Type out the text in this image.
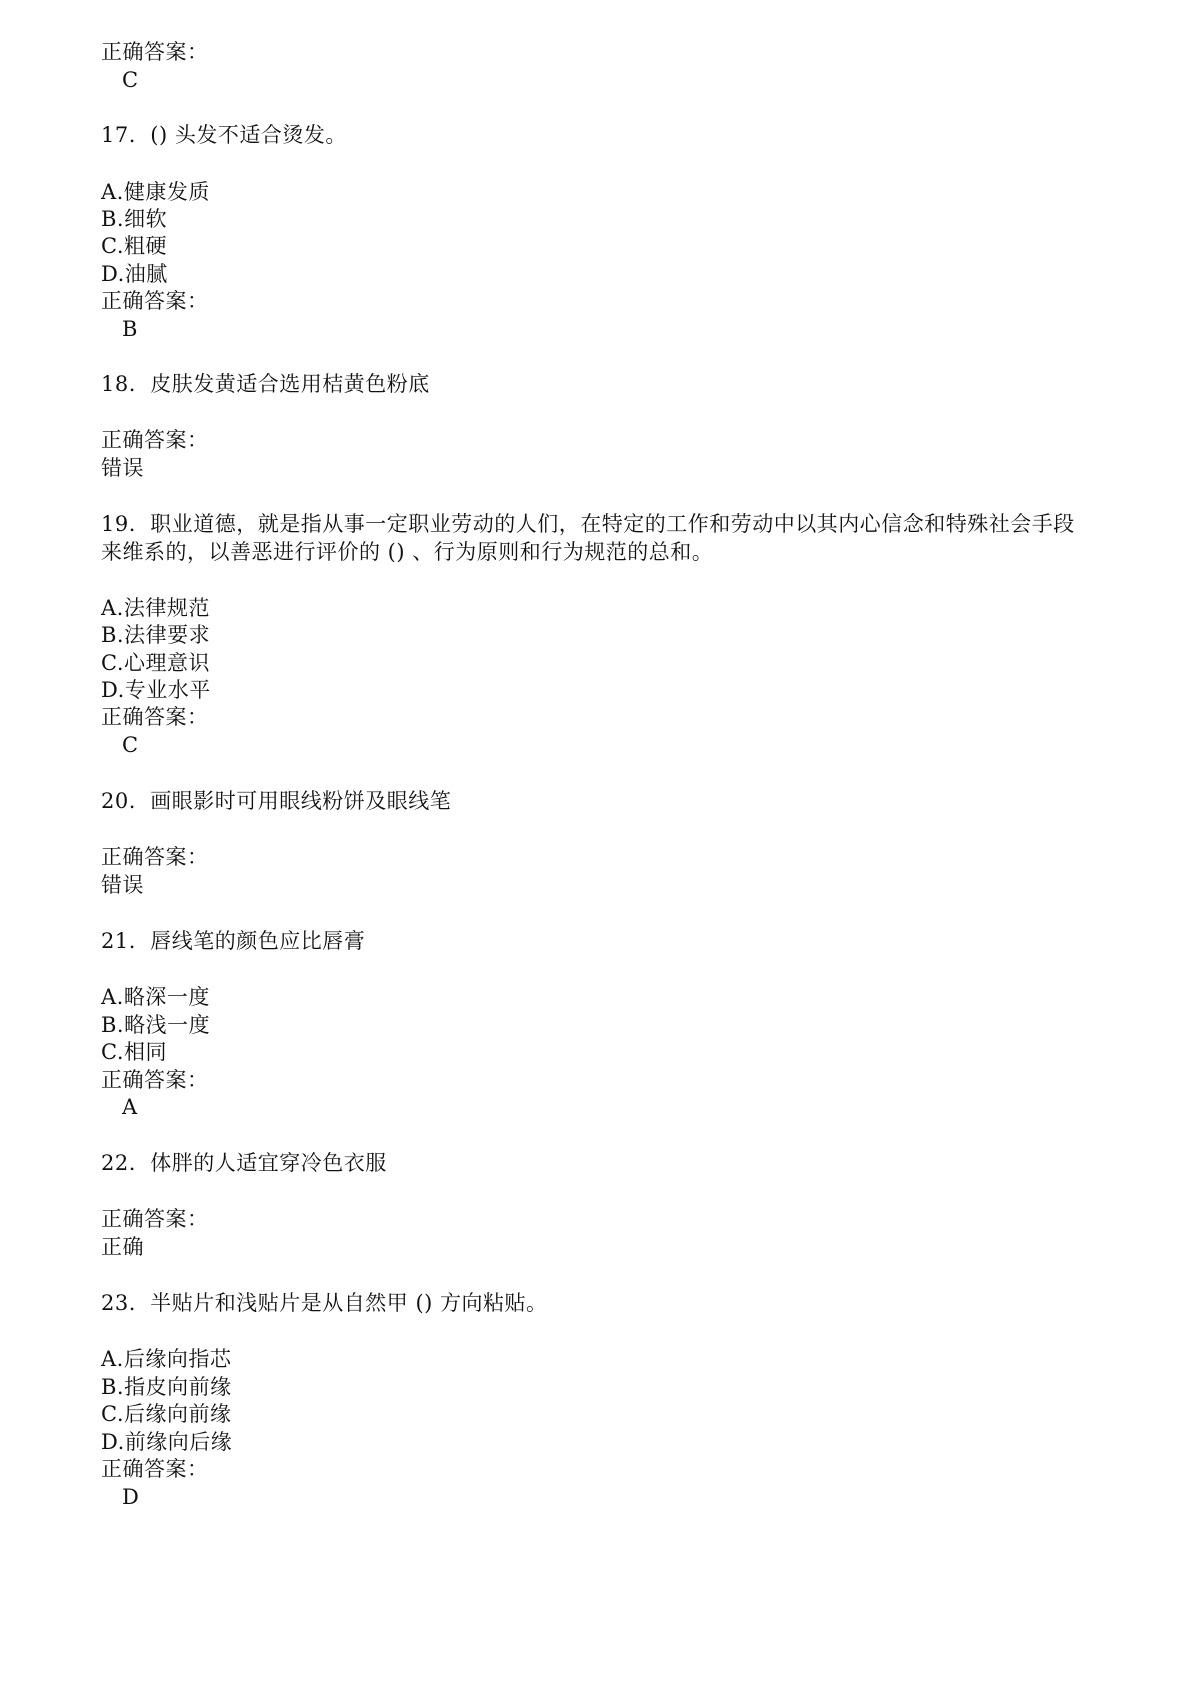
正确答案：
C
17. () 头发不适合烫发。
A.健康发质
B.细软
C.粗硬
D.油腻
正确答案：
B
18. 皮肤发黄适合选用桔黄色粉底
正确答案：
错误
19. 职业道德，就是指从事一定职业劳动的人们，在特定的工作和劳动中以其内心信念和特殊社会手段
来维系的，以善恶进行评价的 () 、行为原则和行为规范的总和。
A.法律规范
B.法律要求
C.心理意识
D.专业水平
正确答案：
C
20. 画眼影时可用眼线粉饼及眼线笔
正确答案：
错误
21. 唇线笔的颜色应比唇膏
A.略深一度
B.略浅一度
C.相同
正确答案：
A
22. 体胖的人适宜穿冷色衣服
正确答案：
正确
23. 半贴片和浅贴片是从自然甲 () 方向粘贴。
A.后缘向指芯
B.指皮向前缘
C.后缘向前缘
D.前缘向后缘
正确答案：
D
